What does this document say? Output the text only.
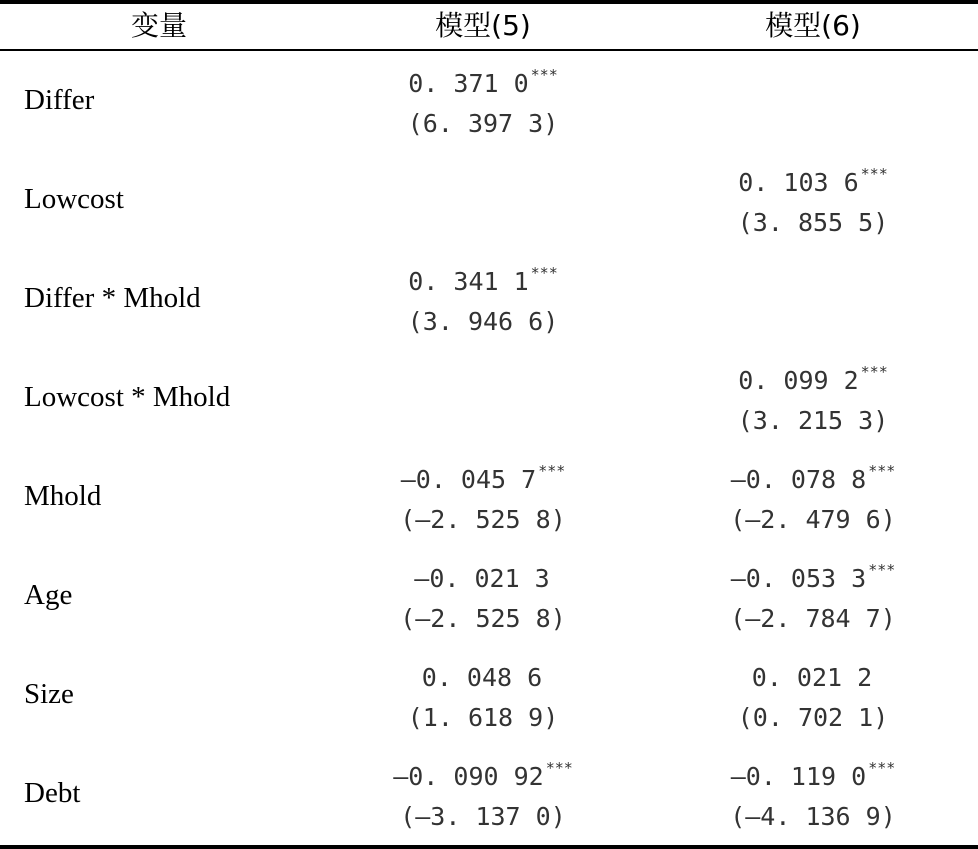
变量	模型(5)	模型(6)
Differ
0. 371 0 ***
(6. 397 3)
Lowcost
0. 103 6 ***
(3. 855 5)
Differ * Mhold
0. 341 1 ***
(3. 946 6)
Lowcost * Mhold
0. 099 2 ***
(3. 215 3)
Mhold
—0. 045 7 ***
(—2. 525 8)
—0. 078 8 ***
(—2. 479 6)
Age
—0. 021 3
(—2. 525 8)
—0. 053 3 ***
(—2. 784 7)
Size
0. 048 6
(1. 618 9)
0. 021 2
(0. 702 1)
Debt
—0. 090 92 ***
(—3. 137 0)
—0. 119 0 ***
(—4. 136 9)
